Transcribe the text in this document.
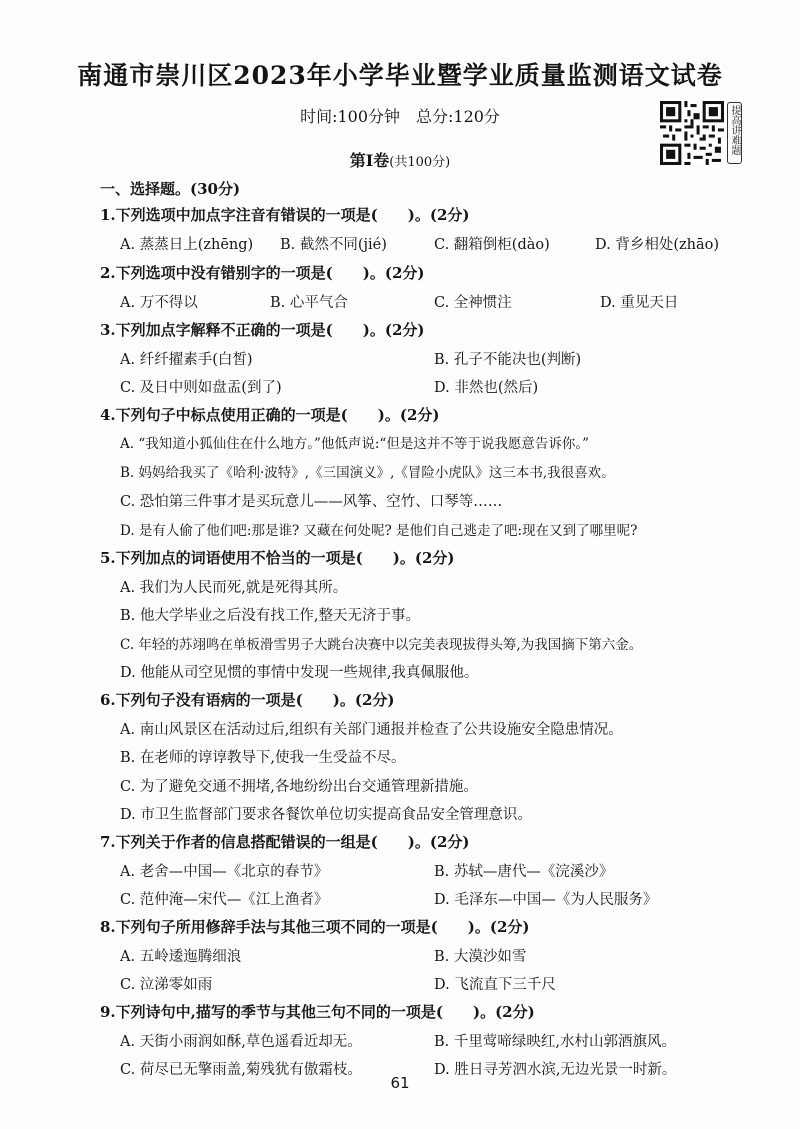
南通市崇川区2023年小学毕业暨学业质量监测语文试卷
时间:100分钟　总分:120分	提高讲难题
第Ⅰ卷(共100分)
一、选择题。(30分)
1.下列选项中加点字注音有错误的一项是(　　)。(2分)
A. 蒸蒸日上(zhēng) B. 截然不同(jié)	C. 翻箱倒柜(dào)	D. 背乡相处(zhāo)
2.下列选项中没有错别字的一项是(　　)。(2分)
A. 万不得以	B. 心平气合	C. 全神惯注	D. 重见天日
3.下列加点字解释不正确的一项是(　　)。(2分)
A. 纤纤擢素手(白皙)	B. 孔子不能决也(判断)
C. 及日中则如盘盂(到了)	D. 非然也(然后)
4.下列句子中标点使用正确的一项是(　　)。(2分)
A. “我知道小狐仙住在什么地方。”他低声说:“但是这并不等于说我愿意告诉你。”
B. 妈妈给我买了《哈利·波特》,《三国演义》,《冒险小虎队》这三本书,我很喜欢。
C. 恐怕第三件事才是买玩意儿——风筝、空竹、口琴等……
D. 是有人偷了他们吧:那是谁? 又藏在何处呢? 是他们自己逃走了吧:现在又到了哪里呢?
5.下列加点的词语使用不恰当的一项是(　　)。(2分)
A. 我们为人民而死,就是死得其所。
B. 他大学毕业之后没有找工作,整天无济于事。
C. 年轻的苏翊鸣在单板滑雪男子大跳台决赛中以完美表现拔得头筹,为我国摘下第六金。
D. 他能从司空见惯的事情中发现一些规律,我真佩服他。
6.下列句子没有语病的一项是(　　)。(2分)
A. 南山风景区在活动过后,组织有关部门通报并检查了公共设施安全隐患情况。
B. 在老师的谆谆教导下,使我一生受益不尽。
C. 为了避免交通不拥堵,各地纷纷出台交通管理新措施。
D. 市卫生监督部门要求各餐饮单位切实提高食品安全管理意识。
7.下列关于作者的信息搭配错误的一组是(　　)。(2分)
A. 老舍—中国—《北京的春节》	B. 苏轼—唐代—《浣溪沙》
C. 范仲淹—宋代—《江上渔者》	D. 毛泽东—中国—《为人民服务》
8.下列句子所用修辞手法与其他三项不同的一项是(　　)。(2分)
A. 五岭逶迤腾细浪	B. 大漠沙如雪
C. 泣涕零如雨	D. 飞流直下三千尺
9.下列诗句中,描写的季节与其他三句不同的一项是(　　)。(2分)
A. 天街小雨润如酥,草色遥看近却无。	B. 千里莺啼绿映红,水村山郭酒旗风。
C. 荷尽已无擎雨盖,菊残犹有傲霜枝。	D. 胜日寻芳泗水滨,无边光景一时新。
61
